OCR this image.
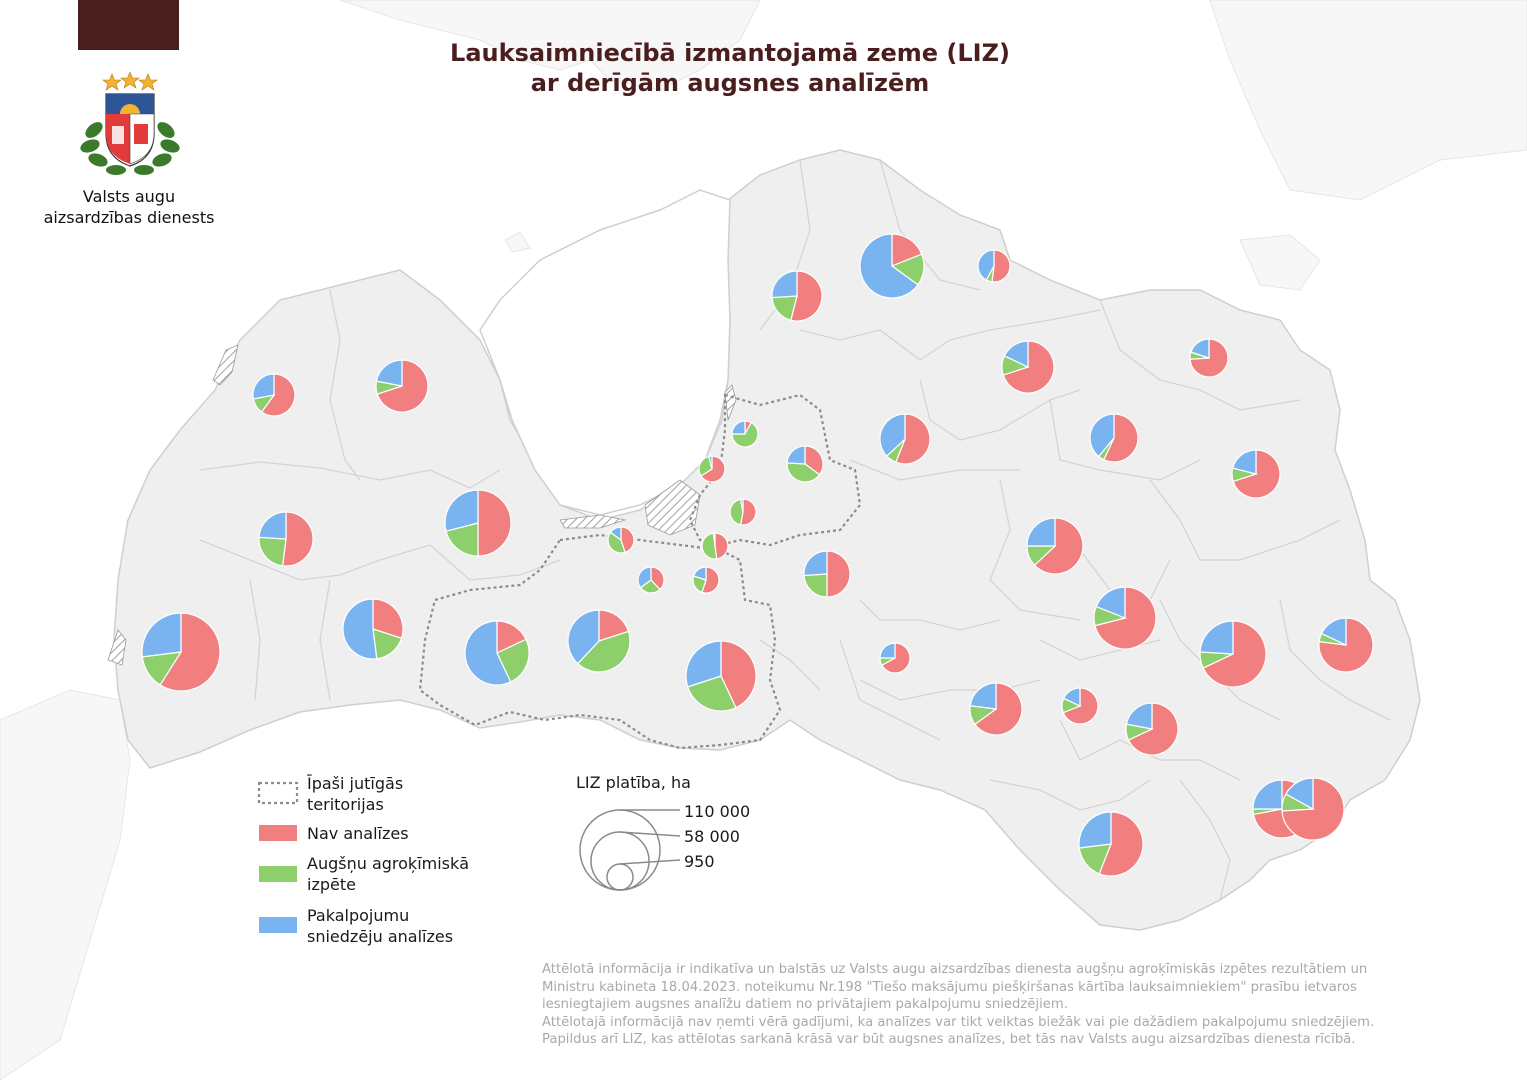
Lauksaimniecībā izmantojamā zeme (LIZ)
ar derīgām augsnes analīzēm
Valsts augu
aizsardzības dienests
Īpaši jutīgās
teritorijas
Nav analīzes
Augšņu agroķīmiskā
izpēte
Pakalpojumu
sniedzēju analīzes
LIZ platība, ha
110 000
58 000
950
Attēlotā informācija ir indikatīva un balstās uz Valsts augu aizsardzības dienesta augšņu agroķīmiskās izpētes rezultātiem un
Ministru kabineta 18.04.2023. noteikumu Nr.198 "Tiešo maksājumu piešķiršanas kārtība lauksaimniekiem" prasību ietvaros
iesniegtajiem augsnes analīžu datiem no privātajiem pakalpojumu sniedzējiem.
Attēlotajā informācijā nav ņemti vērā gadījumi, ka analīzes var tikt veiktas biežāk vai pie dažādiem pakalpojumu sniedzējiem.
Papildus arī LIZ, kas attēlotas sarkanā krāsā var būt augsnes analīzes, bet tās nav Valsts augu aizsardzības dienesta rīcībā.
